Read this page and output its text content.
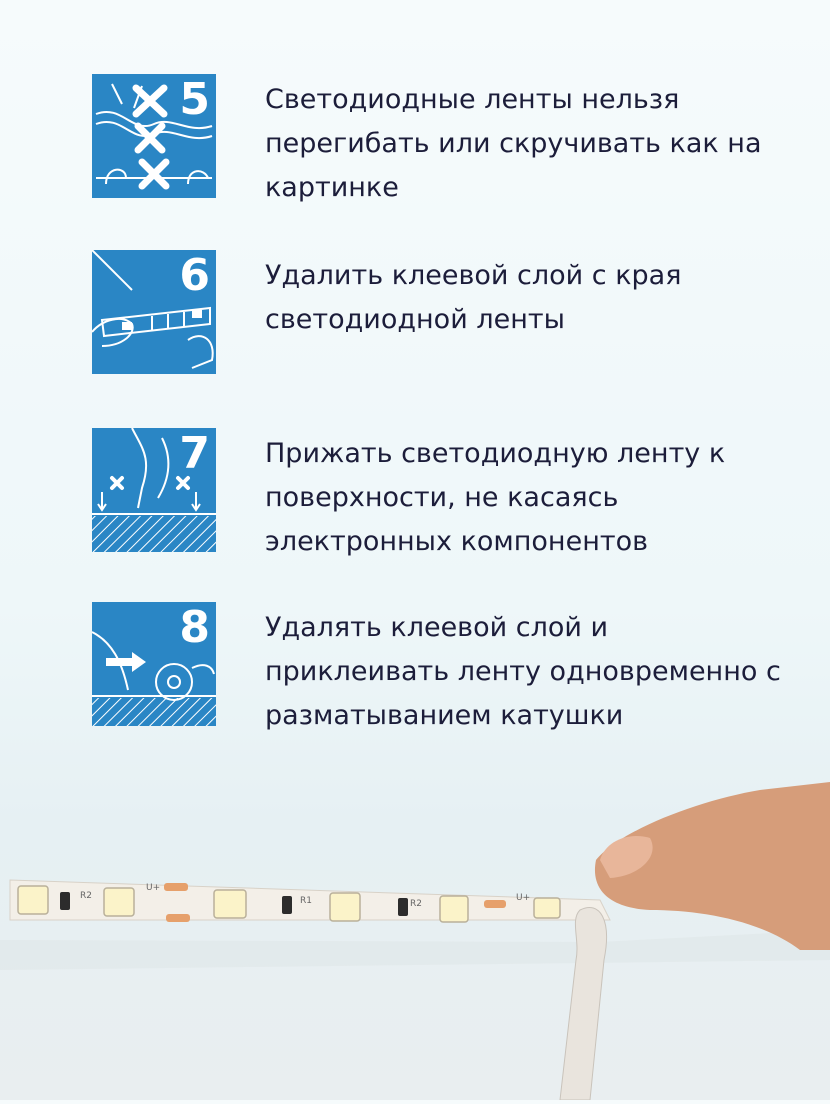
5 Светодиодные ленты нельзя перегибать или скручивать как на картинке
6 Удалить клеевой слой с края светодиодной ленты
7 Прижать светодиодную ленту к поверхности, не касаясь электронных компонентов
8 Удалять клеевой слой и приклеивать ленту одновременно с разматыванием катушки
R2
U+
R1	R2
U+
